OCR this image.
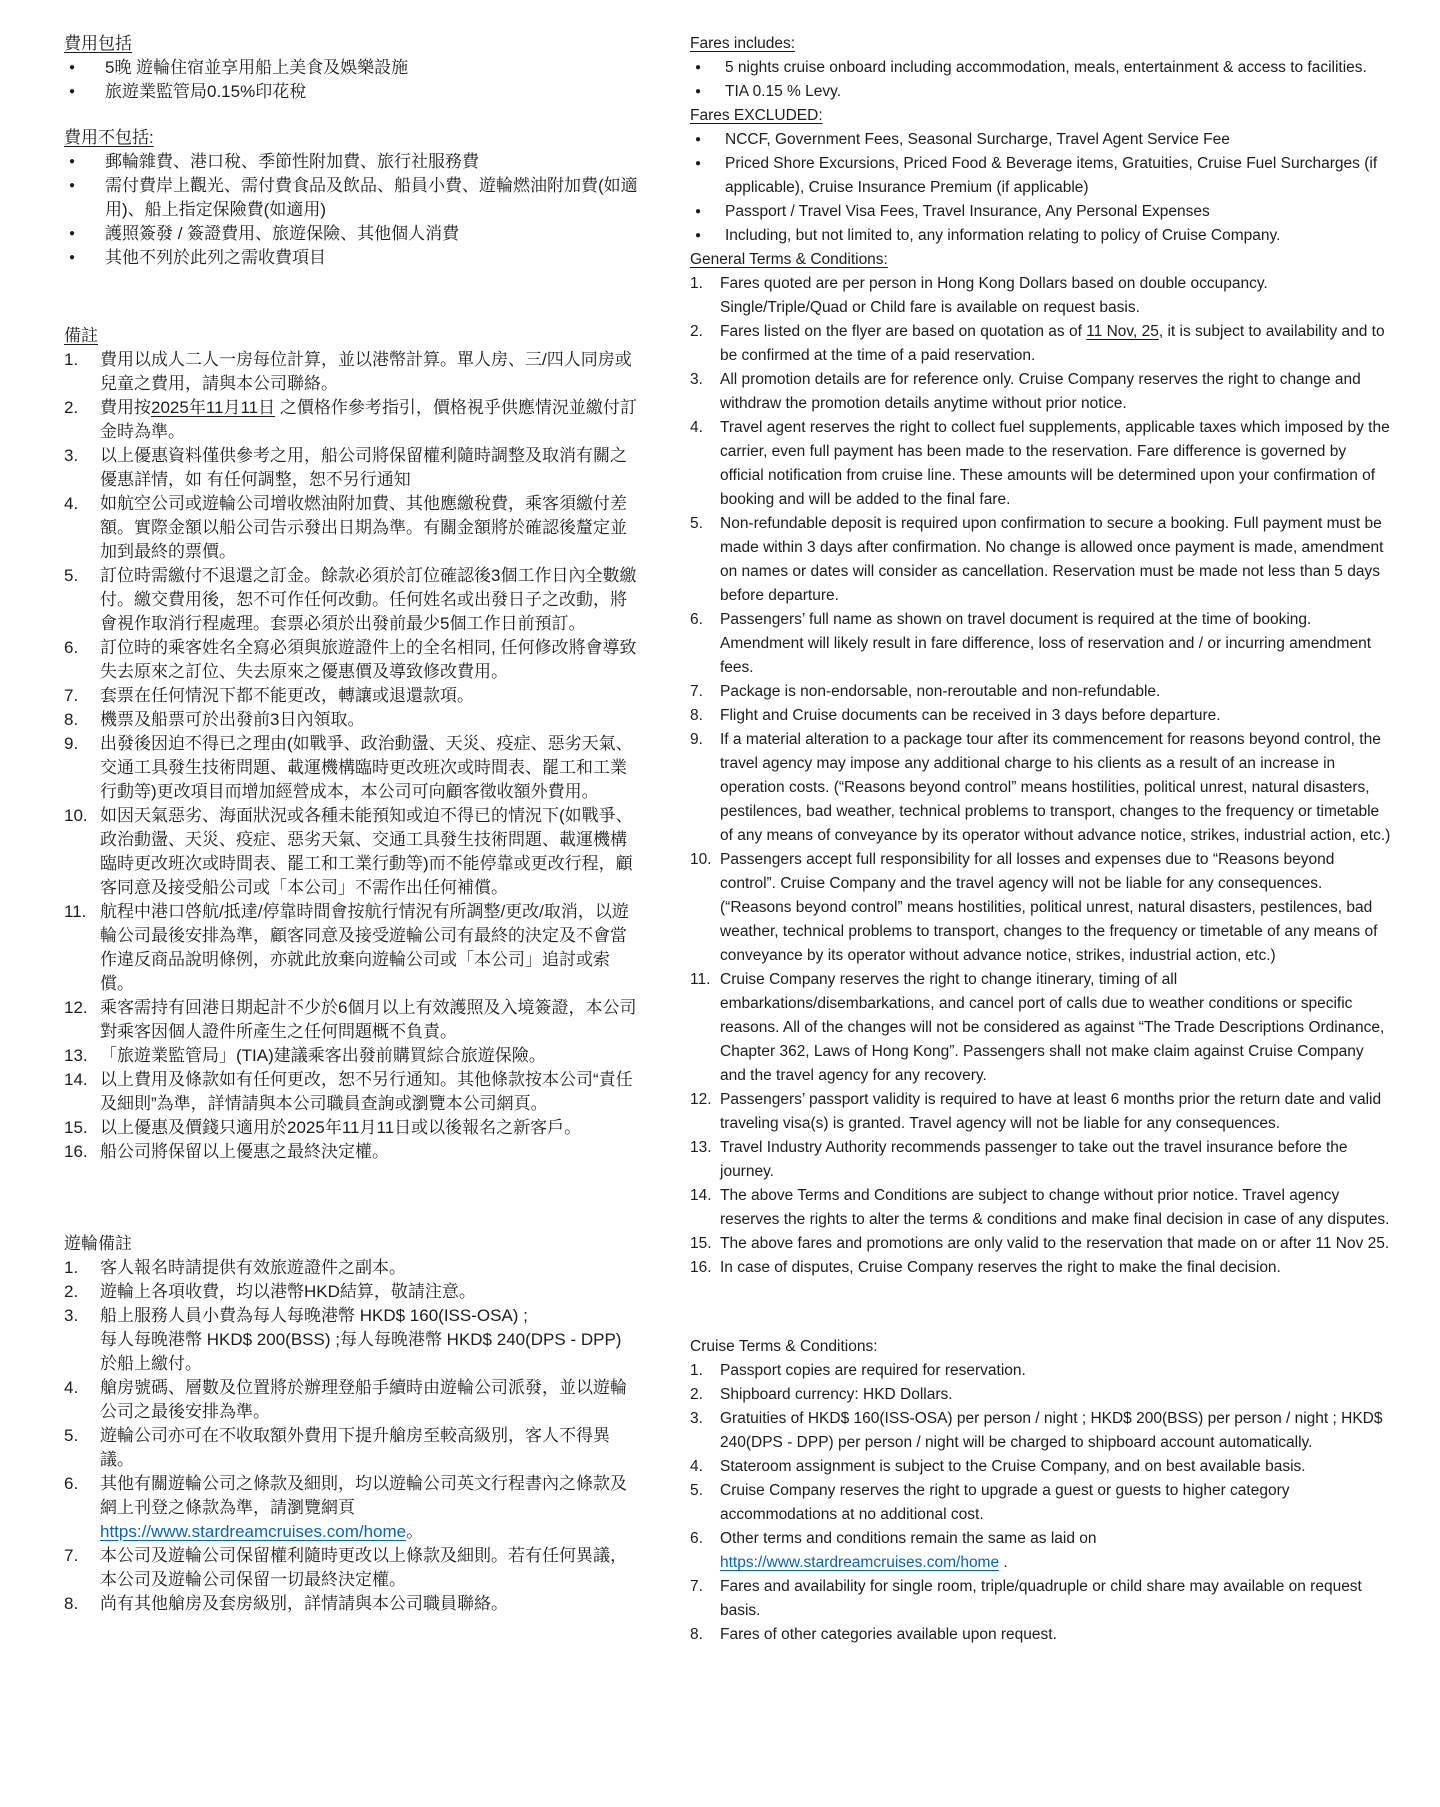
費用包括
●	5晚 遊輪住宿並享用船上美食及娛樂設施
●	旅遊業監管局0.15%印花稅
費用不包括:
●	郵輪雜費、港口稅、季節性附加費、旅行社服務費
●	需付費岸上觀光、需付費食品及飲品、船員小費、遊輪燃油附加費(如適用)、船上指定保險費(如適用)
●	護照簽發 / 簽證費用、旅遊保險、其他個人消費
●	其他不列於此列之需收費項目
備註
1.	費用以成人二人一房每位計算，並以港幣計算。單人房、三/四人同房或兒童之費用，請與本公司聯絡。
2.	費用按2025年11月11日 之價格作參考指引，價格視乎供應情況並繳付訂金時為準。
3.	以上優惠資料僅供參考之用，船公司將保留權利隨時調整及取消有關之優惠詳情，如 有任何調整，恕不另行通知
4.	如航空公司或遊輪公司增收燃油附加費、其他應繳稅費，乘客須繳付差額。實際金額以船公司告示發出日期為準。有關金額將於確認後釐定並加到最終的票價。
5.	訂位時需繳付不退還之訂金。餘款必須於訂位確認後3個工作日內全數繳付。繳交費用後，恕不可作任何改動。任何姓名或出發日子之改動，將會視作取消行程處理。套票必須於出發前最少5個工作日前預訂。
6.	訂位時的乘客姓名全寫必須與旅遊證件上的全名相同, 任何修改將會導致失去原來之訂位、失去原來之優惠價及導致修改費用。
7.	套票在任何情況下都不能更改，轉讓或退還款項。
8.	機票及船票可於出發前3日內領取。
9.	出發後因迫不得已之理由(如戰爭、政治動盪、天災、疫症、惡劣天氣、交通工具發生技術問題、載運機構臨時更改班次或時間表、罷工和工業行動等)更改項目而增加經營成本，本公司可向顧客徵收額外費用。
10. 如因天氣惡劣、海面狀況或各種未能預知或迫不得已的情況下(如戰爭、政治動盪、天災、疫症、惡劣天氣、交通工具發生技術問題、載運機構臨時更改班次或時間表、罷工和工業行動等)而不能停靠或更改行程，顧客同意及接受船公司或「本公司」不需作出任何補償。
11. 航程中港口啓航/抵達/停靠時間會按航行情況有所調整/更改/取消，以遊輪公司最後安排為準，顧客同意及接受遊輪公司有最終的決定及不會當作違反商品說明條例，亦就此放棄向遊輪公司或「本公司」追討或索償。
12. 乘客需持有回港日期起計不少於6個月以上有效護照及入境簽證，本公司對乘客因個人證件所產生之任何問題概不負責。
13. 「旅遊業監管局」(TIA)建議乘客出發前購買綜合旅遊保險。
14. 以上費用及條款如有任何更改，恕不另行通知。其他條款按本公司“責任及細則”為準，詳情請與本公司職員查詢或瀏覽本公司網頁。
15. 以上優惠及價錢只適用於2025年11月11日或以後報名之新客戶。
16. 船公司將保留以上優惠之最終決定權。
遊輪備註
1.	客人報名時請提供有效旅遊證件之副本。
2.	遊輪上各項收費，均以港幣HKD結算，敬請注意。
3.	船上服務人員小費為每人每晚港幣 HKD$ 160(ISS-OSA) ;
每人每晚港幣 HKD$ 200(BSS) ;每人每晚港幣 HKD$ 240(DPS - DPP)
於船上繳付。
4.	艙房號碼、層數及位置將於辦理登船手續時由遊輪公司派發，並以遊輪公司之最後安排為準。
5.	遊輪公司亦可在不收取額外費用下提升艙房至較高級別，客人不得異議。
6.	其他有關遊輪公司之條款及細則，均以遊輪公司英文行程書內之條款及網上刊登之條款為準，請瀏覽網頁 https://www.stardreamcruises.com/home。
7.	本公司及遊輪公司保留權利隨時更改以上條款及細則。若有任何異議，本公司及遊輪公司保留一切最終決定權。
8.	尚有其他艙房及套房級別，詳情請與本公司職員聯絡。
Fares includes:
●	5 nights cruise onboard including accommodation, meals, entertainment & access to facilities.
●	TIA 0.15 % Levy.
Fares EXCLUDED:
●	NCCF, Government Fees, Seasonal Surcharge, Travel Agent Service Fee
●	Priced Shore Excursions, Priced Food & Beverage items, Gratuities, Cruise Fuel Surcharges (if applicable), Cruise Insurance Premium (if applicable)
●	Passport / Travel Visa Fees, Travel Insurance, Any Personal Expenses
●	Including, but not limited to, any information relating to policy of Cruise Company.
General Terms & Conditions:
1.	Fares quoted are per person in Hong Kong Dollars based on double occupancy. Single/Triple/Quad or Child fare is available on request basis.
2.	Fares listed on the flyer are based on quotation as of 11 Nov, 25, it is subject to availability and to be confirmed at the time of a paid reservation.
3.	All promotion details are for reference only. Cruise Company reserves the right to change and withdraw the promotion details anytime without prior notice.
4.	Travel agent reserves the right to collect fuel supplements, applicable taxes which imposed by the carrier, even full payment has been made to the reservation. Fare difference is governed by official notification from cruise line. These amounts will be determined upon your confirmation of booking and will be added to the final fare.
5.	Non-refundable deposit is required upon confirmation to secure a booking. Full payment must be made within 3 days after confirmation. No change is allowed once payment is made, amendment on names or dates will consider as cancellation. Reservation must be made not less than 5 days before departure.
6.	Passengers’ full name as shown on travel document is required at the time of booking. Amendment will likely result in fare difference, loss of reservation and / or incurring amendment fees.
7.	Package is non-endorsable, non-reroutable and non-refundable.
8.	Flight and Cruise documents can be received in 3 days before departure.
9.	If a material alteration to a package tour after its commencement for reasons beyond control, the travel agency may impose any additional charge to his clients as a result of an increase in operation costs. (“Reasons beyond control” means hostilities, political unrest, natural disasters, pestilences, bad weather, technical problems to transport, changes to the frequency or timetable of any means of conveyance by its operator without advance notice, strikes, industrial action, etc.)
10. Passengers accept full responsibility for all losses and expenses due to “Reasons beyond control”. Cruise Company and the travel agency will not be liable for any consequences. (“Reasons beyond control” means hostilities, political unrest, natural disasters, pestilences, bad weather, technical problems to transport, changes to the frequency or timetable of any means of conveyance by its operator without advance notice, strikes, industrial action, etc.)
11. Cruise Company reserves the right to change itinerary, timing of all embarkations/disembarkations, and cancel port of calls due to weather conditions or specific reasons. All of the changes will not be considered as against “The Trade Descriptions Ordinance, Chapter 362, Laws of Hong Kong”. Passengers shall not make claim against Cruise Company and the travel agency for any recovery.
12. Passengers’ passport validity is required to have at least 6 months prior the return date and valid traveling visa(s) is granted. Travel agency will not be liable for any consequences.
13. Travel Industry Authority recommends passenger to take out the travel insurance before the journey.
14. The above Terms and Conditions are subject to change without prior notice. Travel agency reserves the rights to alter the terms & conditions and make final decision in case of any disputes.
15. The above fares and promotions are only valid to the reservation that made on or after 11 Nov 25.
16. In case of disputes, Cruise Company reserves the right to make the final decision.
Cruise Terms & Conditions:
1.	Passport copies are required for reservation.
2.	Shipboard currency: HKD Dollars.
3.	Gratuities of HKD$ 160(ISS-OSA) per person / night ; HKD$ 200(BSS) per person / night ; HKD$ 240(DPS - DPP) per person / night will be charged to shipboard account automatically.
4.	Stateroom assignment is subject to the Cruise Company, and on best available basis.
5.	Cruise Company reserves the right to upgrade a guest or guests to higher category accommodations at no additional cost.
6.	Other terms and conditions remain the same as laid on
https://www.stardreamcruises.com/home .
7.	Fares and availability for single room, triple/quadruple or child share may available on request basis.
8.	Fares of other categories available upon request.
